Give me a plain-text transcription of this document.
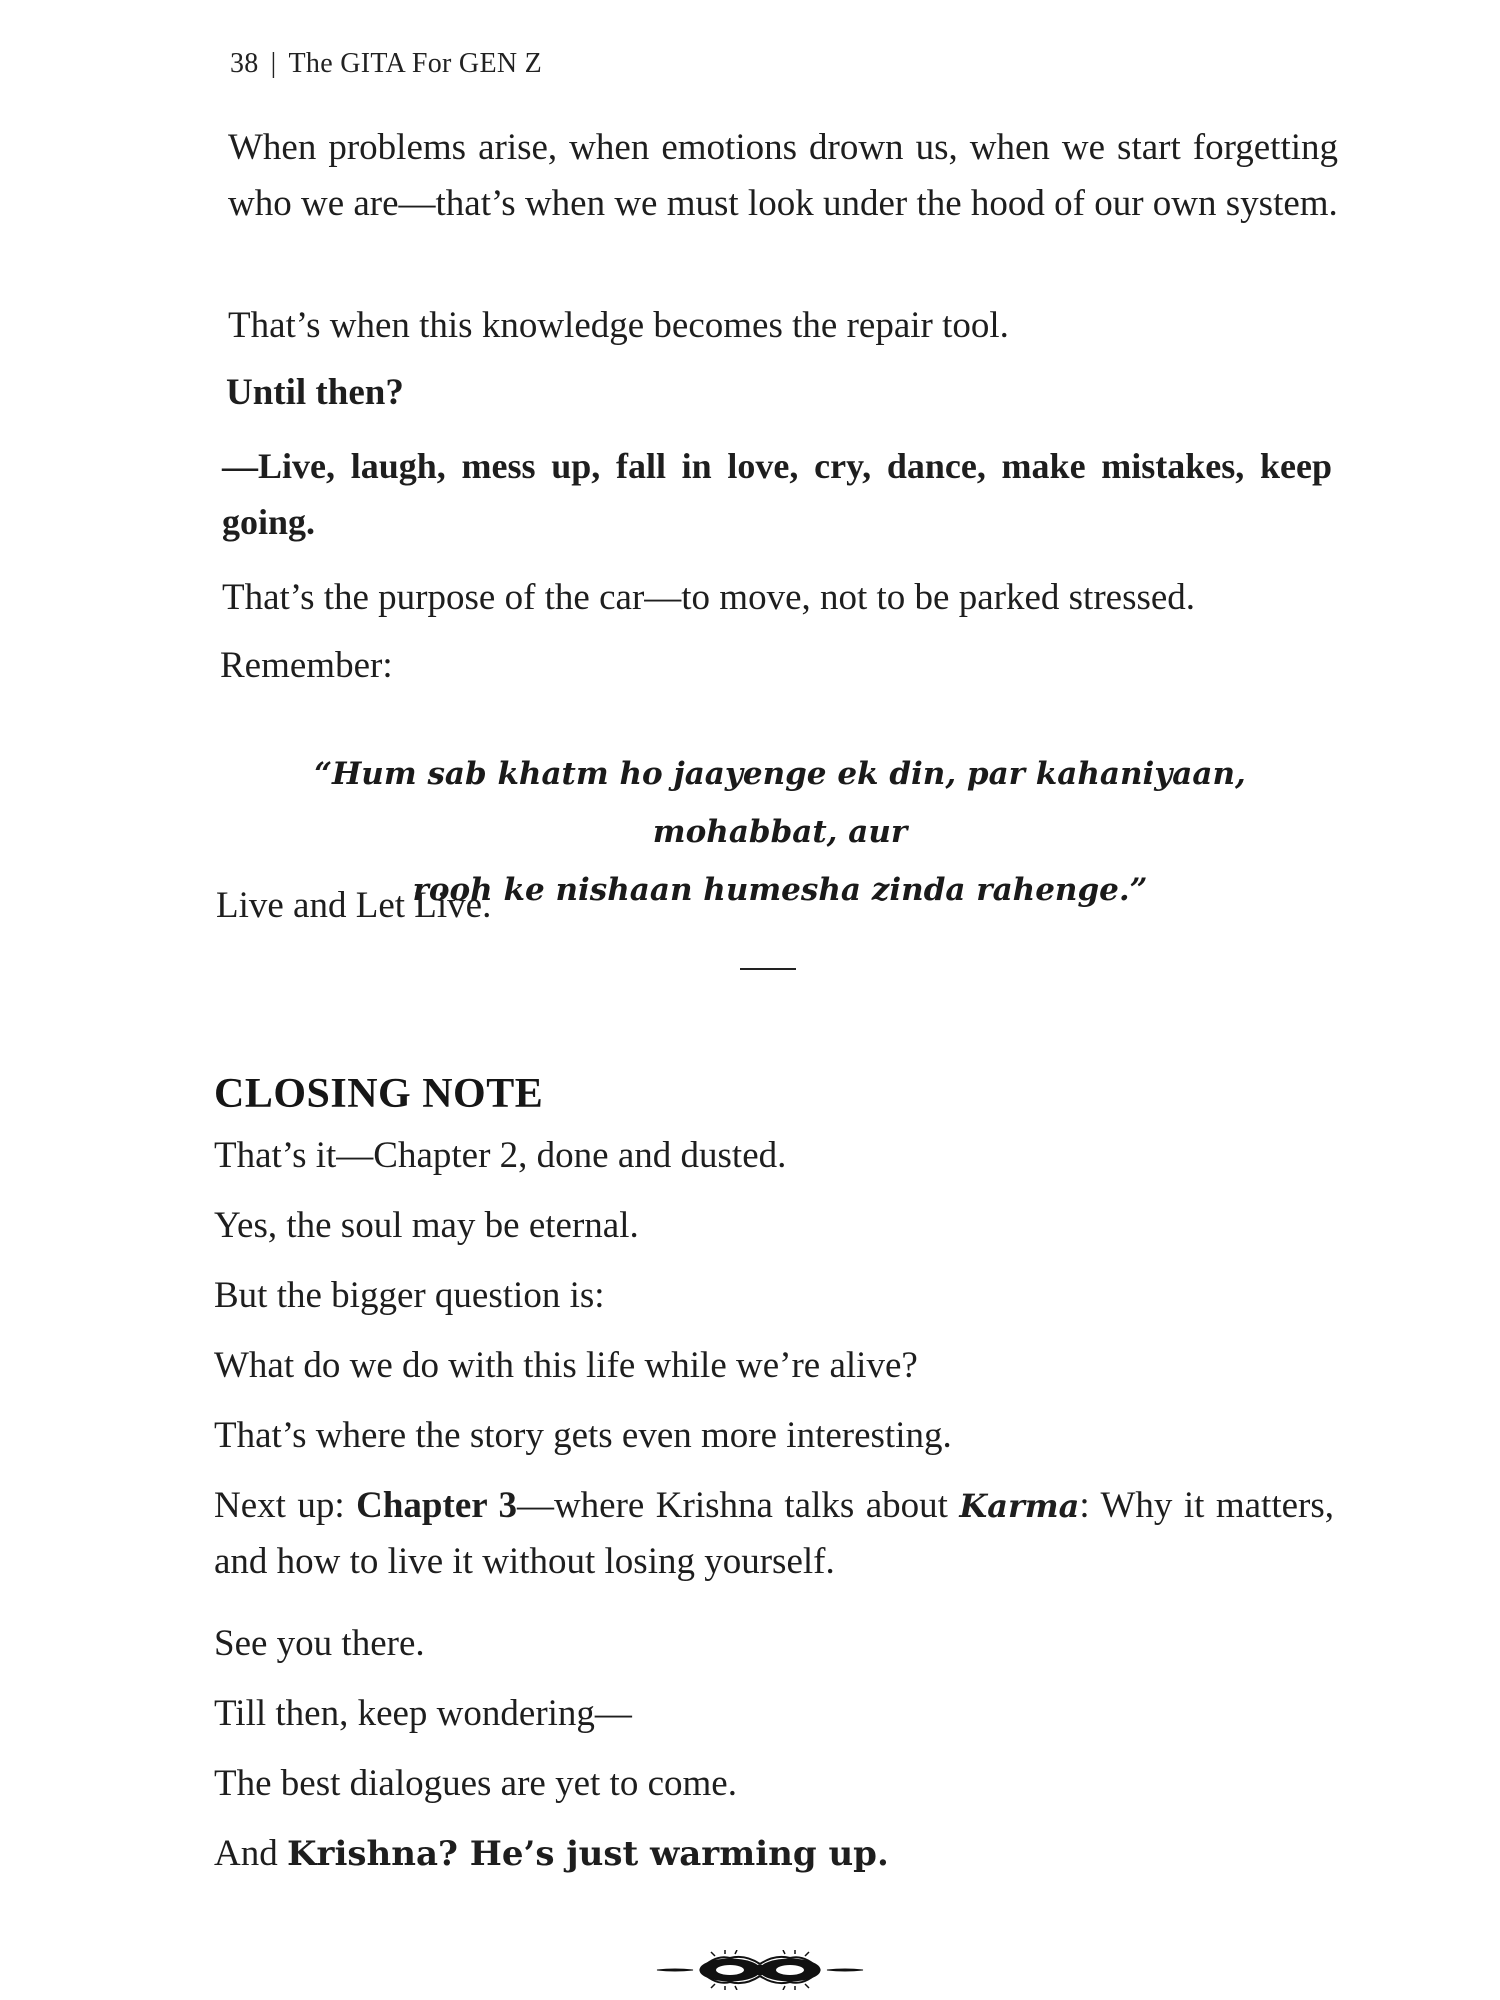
38 | The GITA For GEN Z

When problems arise, when emotions drown us, when we start forgetting who we are—that’s when we must look under the hood of our own system.

That’s when this knowledge becomes the repair tool.

Until then?

—Live, laugh, mess up, fall in love, cry, dance, make mistakes, keep going.

That’s the purpose of the car—to move, not to be parked stressed.

Remember:

“Hum sab khatm ho jaayenge ek din, par kahaniyaan, mohabbat, aur
rooh ke nishaan humesha zinda rahenge.”

Live and Let Live.

CLOSING NOTE

That’s it—Chapter 2, done and dusted.

Yes, the soul may be eternal.

But the bigger question is:

What do we do with this life while we’re alive?

That’s where the story gets even more interesting.

Next up: Chapter 3—where Krishna talks about Karma: Why it matters, and how to live it without losing yourself.

See you there.

Till then, keep wondering—

The best dialogues are yet to come.

And Krishna? He’s just warming up.
